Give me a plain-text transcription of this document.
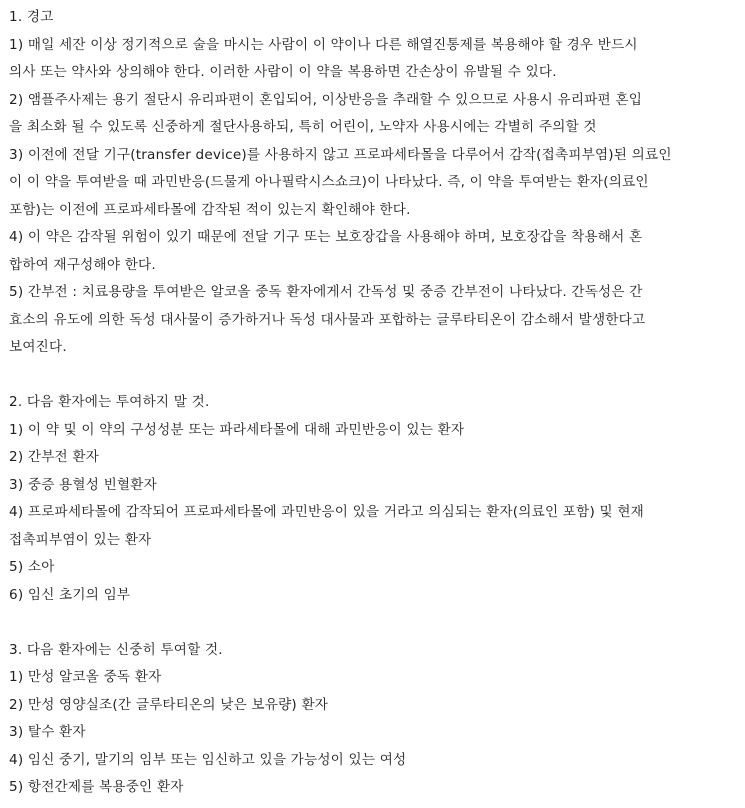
1. 경고
1) 매일 세잔 이상 정기적으로 술을 마시는 사람이 이 약이나 다른 해열진통제를 복용해야 할 경우 반드시
의사 또는 약사와 상의해야 한다. 이러한 사람이 이 약을 복용하면 간손상이 유발될 수 있다.
2) 앰플주사제는 용기 절단시 유리파편이 혼입되어, 이상반응을 추래할 수 있으므로 사용시 유리파편 혼입
을 최소화 될 수 있도록 신중하게 절단사용하되, 특히 어린이, 노약자 사용시에는 각별히 주의할 것
3) 이전에 전달 기구(transfer device)를 사용하지 않고 프로파세타몰을 다루어서 감작(접촉피부염)된 의료인
이 이 약을 투여받을 때 과민반응(드물게 아나필락시스쇼크)이 나타났다. 즉, 이 약을 투여받는 환자(의료인
포함)는 이전에 프로파세타몰에 감작된 적이 있는지 확인해야 한다.
4) 이 약은 감작될 위험이 있기 때문에 전달 기구 또는 보호장갑을 사용해야 하며, 보호장갑을 착용해서 혼
합하여 재구성해야 한다.
5) 간부전 : 치료용량을 투여받은 알코올 중독 환자에게서 간독성 및 중증 간부전이 나타났다. 간독성은 간
효소의 유도에 의한 독성 대사물이 증가하거나 독성 대사물과 포합하는 글루타티온이 감소해서 발생한다고
보여진다.
2. 다음 환자에는 투여하지 말 것.
1) 이 약 및 이 약의 구성성분 또는 파라세타몰에 대해 과민반응이 있는 환자
2) 간부전 환자
3) 중증 용혈성 빈혈환자
4) 프로파세타몰에 감작되어 프로파세타몰에 과민반응이 있을 거라고 의심되는 환자(의료인 포함) 및 현재
접촉피부염이 있는 환자
5) 소아
6) 임신 초기의 임부
3. 다음 환자에는 신중히 투여할 것.
1) 만성 알코올 중독 환자
2) 만성 영양실조(간 글루타티온의 낮은 보유량) 환자
3) 탈수 환자
4) 임신 중기, 말기의 임부 또는 임신하고 있을 가능성이 있는 여성
5) 항전간제를 복용중인 환자
